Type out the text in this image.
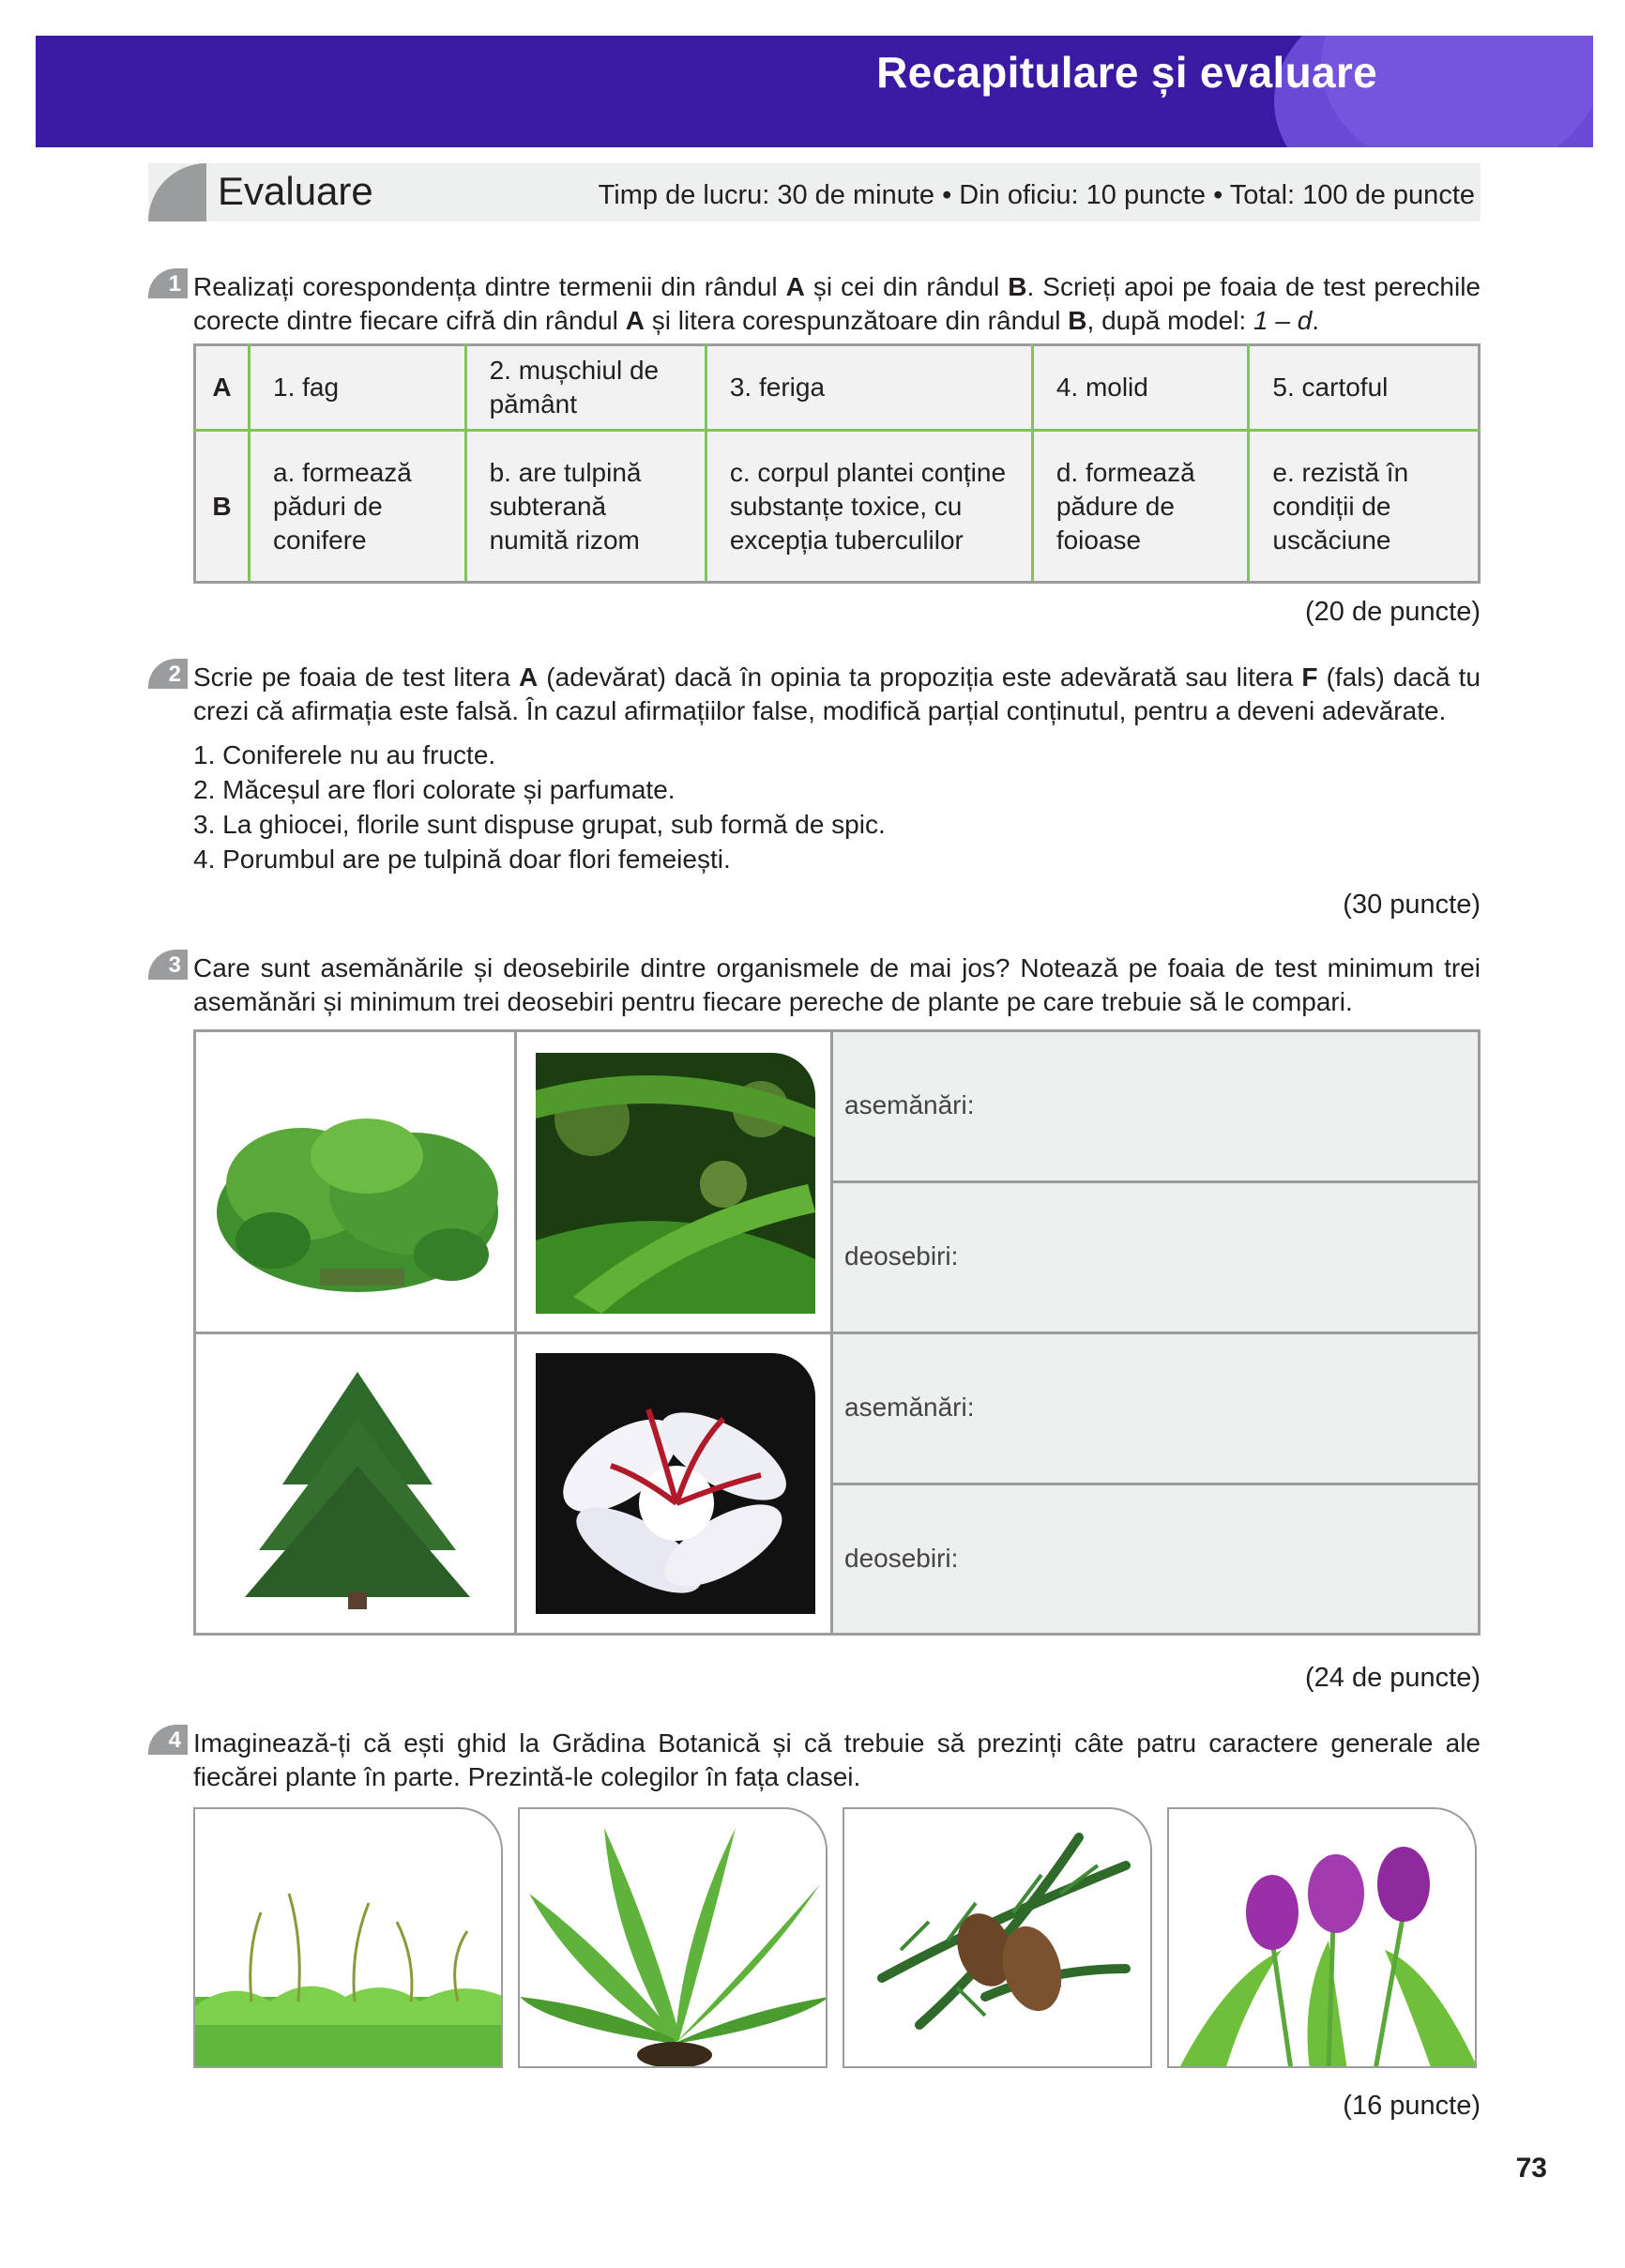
Recapitulare și evaluare
Evaluare	Timp de lucru: 30 de minute • Din oficiu: 10 puncte • Total: 100 de puncte
1 Realizați corespondența dintre termenii din rândul A și cei din rândul B. Scrieți apoi pe foaia de test perechile corecte dintre fiecare cifră din rândul A și litera corespunzătoare din rândul B, după model: 1 – d.
A	1. fag	2. mușchiul de pământ	3. feriga	4. molid	5. cartoful
B	a. formează păduri de conifere	b. are tulpină subterană numită rizom	c. corpul plantei conține substanțe toxice, cu excepția tuberculilor	d. formează pădure de foioase	e. rezistă în condiții de uscăciune
(20 de puncte)
2 Scrie pe foaia de test litera A (adevărat) dacă în opinia ta propoziția este adevărată sau litera F (fals) dacă tu crezi că afirmația este falsă. În cazul afirmațiilor false, modifică parțial conținutul, pentru a deveni adevărate.
1. Coniferele nu au fructe.
2. Măceșul are flori colorate și parfumate.
3. La ghiocei, florile sunt dispuse grupat, sub formă de spic.
4. Porumbul are pe tulpină doar flori femeiești.
(30 puncte)
3 Care sunt asemănările și deosebirile dintre organismele de mai jos? Notează pe foaia de test minimum trei asemănări și minimum trei deosebiri pentru fiecare pereche de plante pe care trebuie să le compari.
asemănări:
deosebiri:
asemănări:
deosebiri:
(24 de puncte)
4 Imaginează-ți că ești ghid la Grădina Botanică și că trebuie să prezinți câte patru caractere generale ale fiecărei plante în parte. Prezintă-le colegilor în fața clasei.
(16 puncte)
73
